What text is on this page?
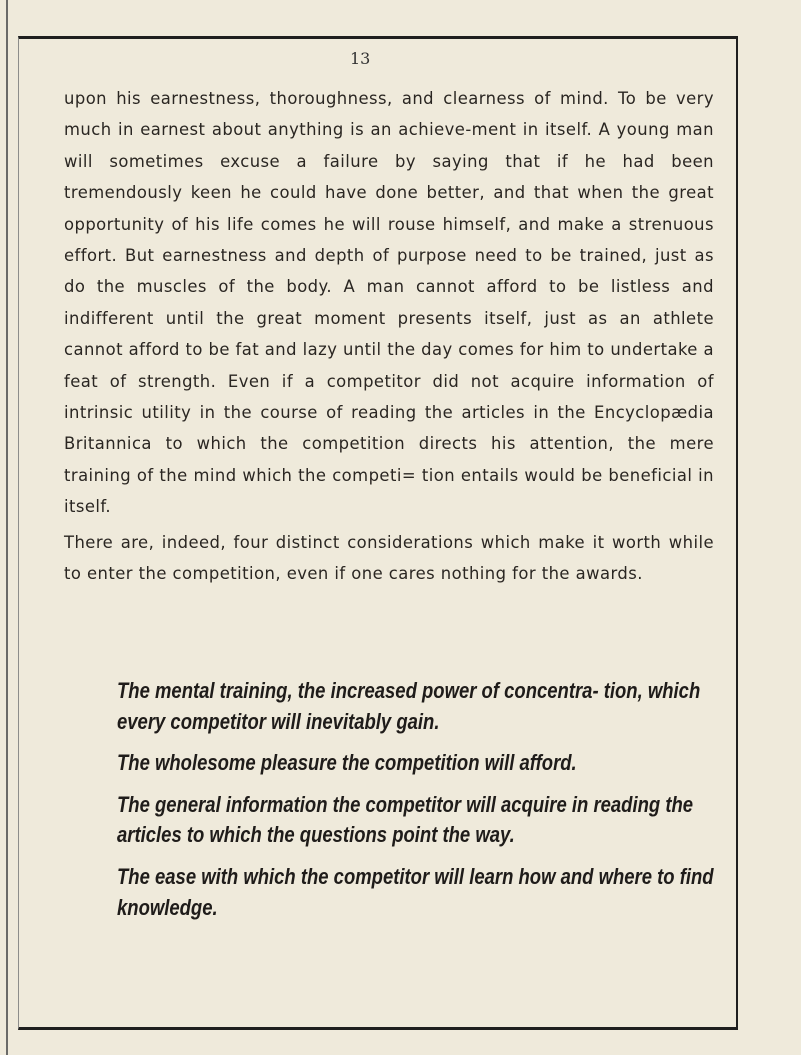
13

upon his earnestness, thoroughness, and clearness of mind. To be very much in earnest about anything is an achieve-ment in itself. A young man will sometimes excuse a failure by saying that if he had been tremendously keen he could have done better, and that when the great opportunity of his life comes he will rouse himself, and make a strenuous effort. But earnestness and depth of purpose need to be trained, just as do the muscles of the body. A man cannot afford to be listless and indifferent until the great moment presents itself, just as an athlete cannot afford to be fat and lazy until the day comes for him to undertake a feat of strength. Even if a competitor did not acquire information of intrinsic utility in the course of reading the articles in the Encyclopædia Britannica to which the competition directs his attention, the mere training of the mind which the competi= tion entails would be beneficial in itself.

There are, indeed, four distinct considerations which make it worth while to enter the competition, even if one cares nothing for the awards.

The mental training, the increased power of concentra- tion, which every competitor will inevitably gain.

The wholesome pleasure the competition will afford.

The general information the competitor will acquire in reading the articles to which the questions point the way.

The ease with which the competitor will learn how and where to find knowledge.
